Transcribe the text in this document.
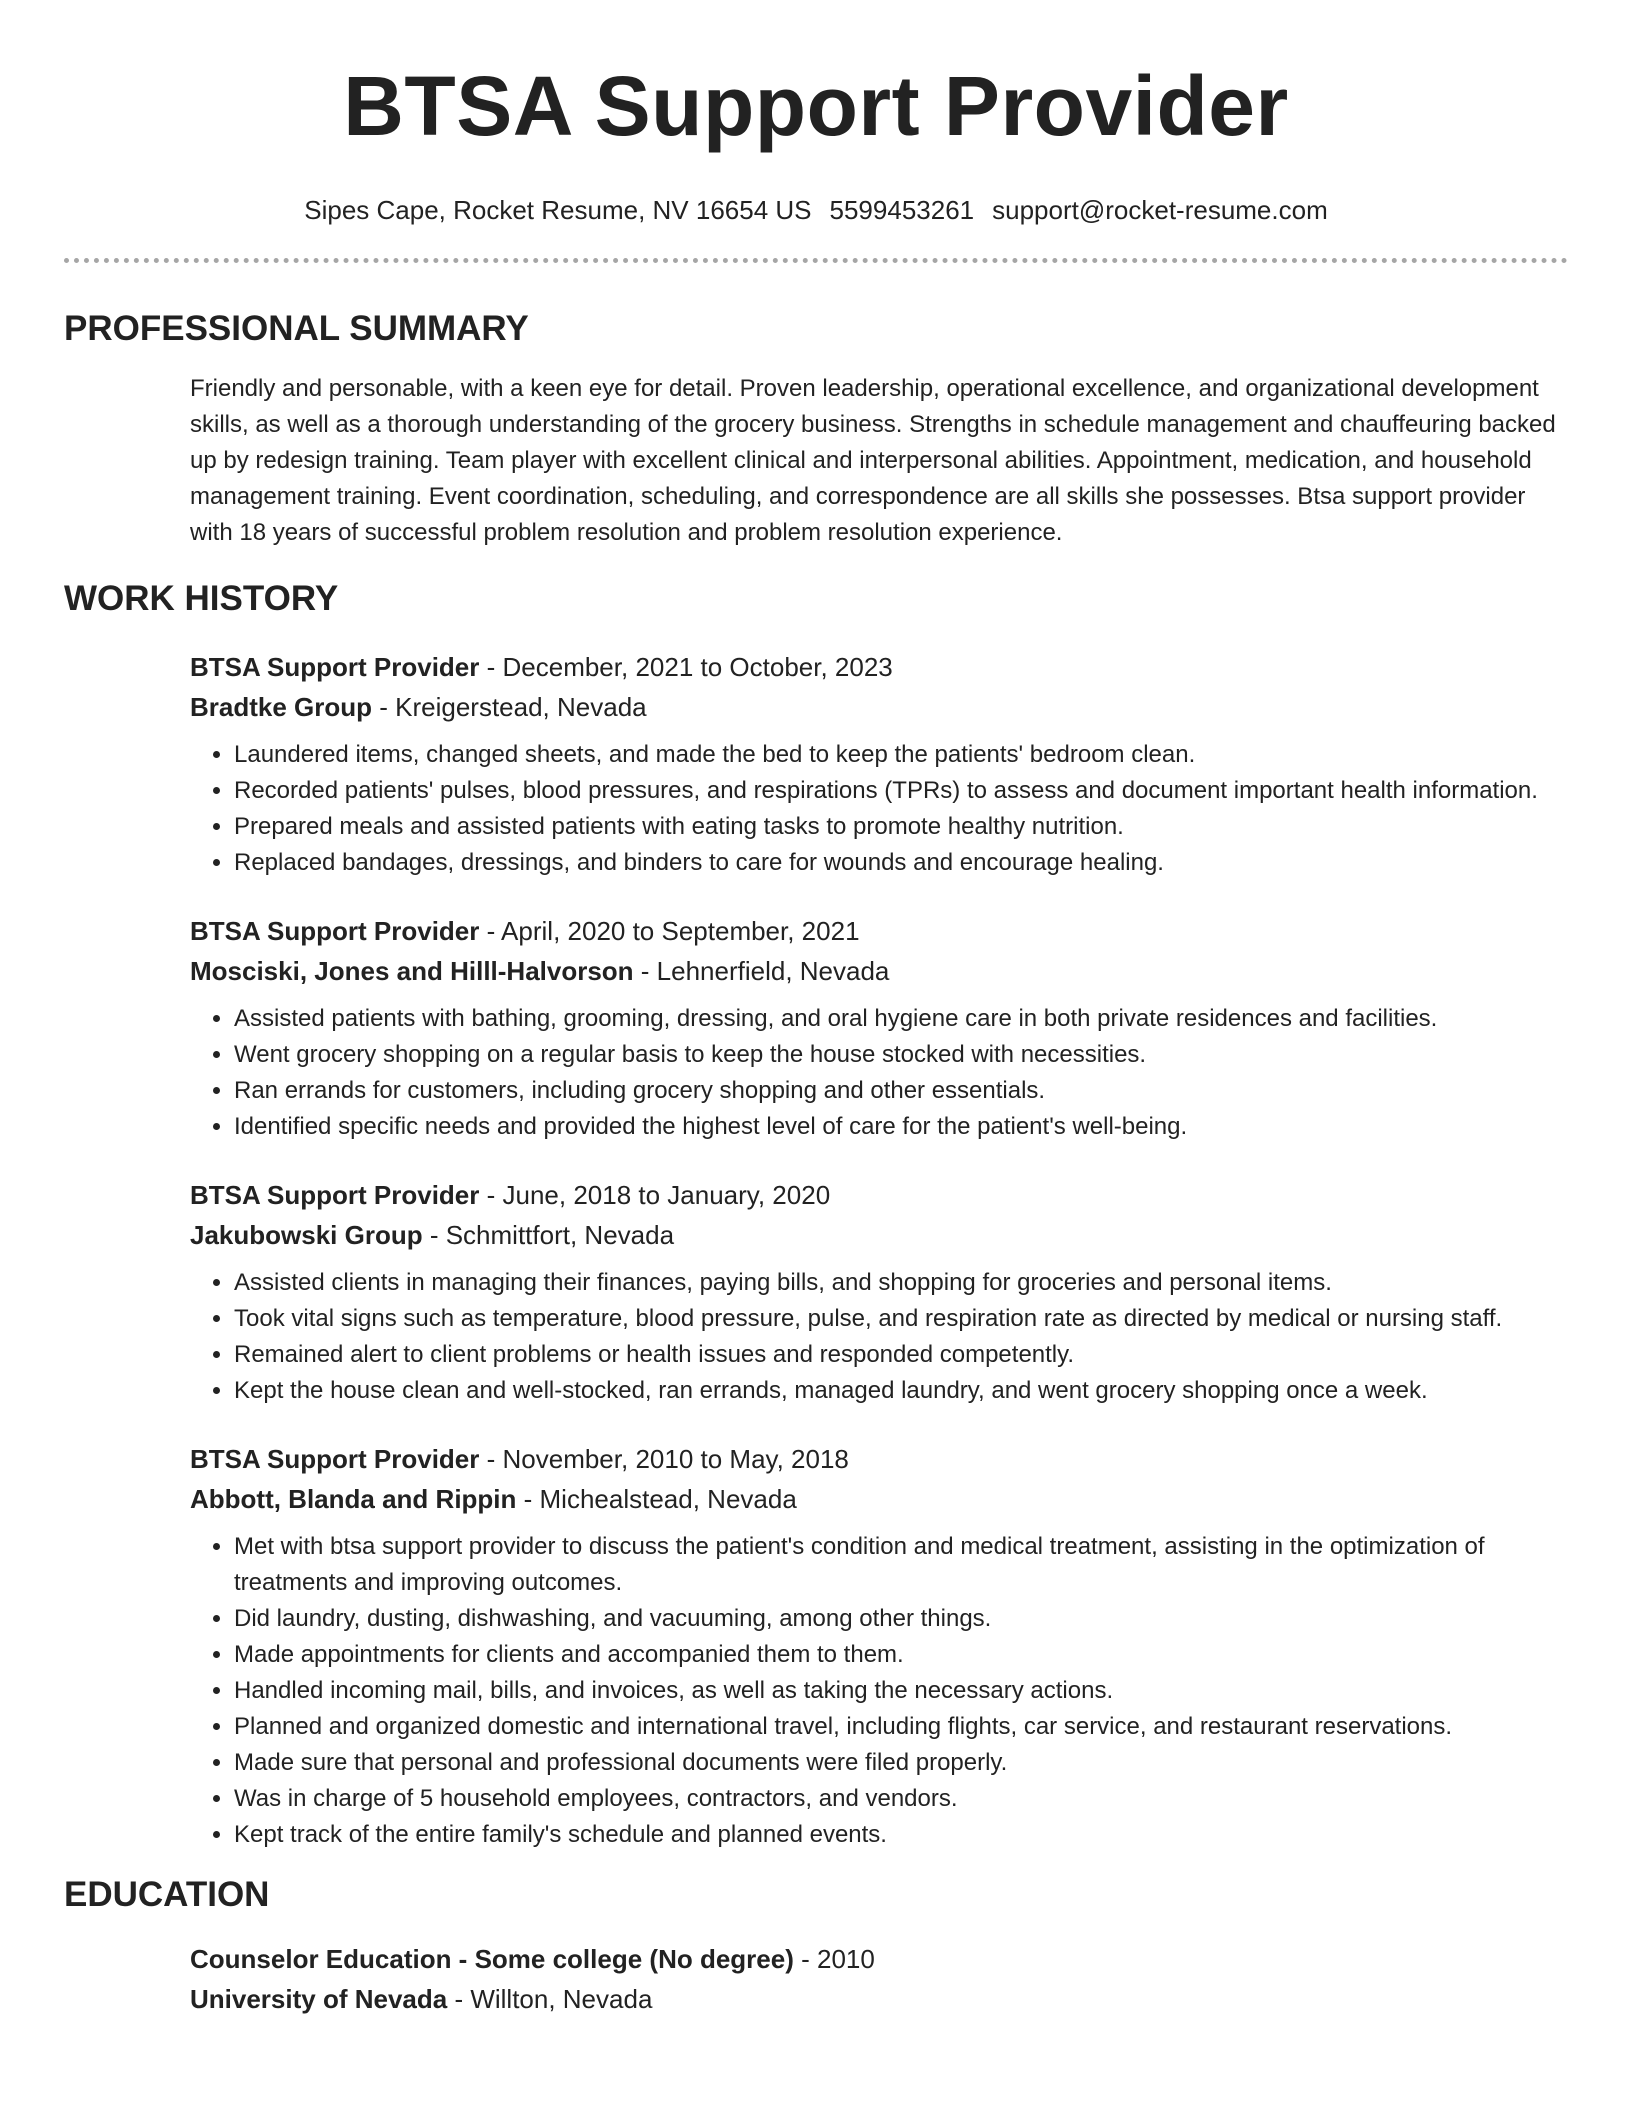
BTSA Support Provider
Sipes Cape, Rocket Resume, NV 16654 US 5599453261 support@rocket-resume.com
PROFESSIONAL SUMMARY
Friendly and personable, with a keen eye for detail. Proven leadership, operational excellence, and organizational development skills, as well as a thorough understanding of the grocery business. Strengths in schedule management and chauffeuring backed up by redesign training. Team player with excellent clinical and interpersonal abilities. Appointment, medication, and household management training. Event coordination, scheduling, and correspondence are all skills she possesses. Btsa support provider with 18 years of successful problem resolution and problem resolution experience.
WORK HISTORY
BTSA Support Provider - December, 2021 to October, 2023
Bradtke Group - Kreigerstead, Nevada
• Laundered items, changed sheets, and made the bed to keep the patients' bedroom clean.
• Recorded patients' pulses, blood pressures, and respirations (TPRs) to assess and document important health information.
• Prepared meals and assisted patients with eating tasks to promote healthy nutrition.
• Replaced bandages, dressings, and binders to care for wounds and encourage healing.
BTSA Support Provider - April, 2020 to September, 2021
Mosciski, Jones and Hilll-Halvorson - Lehnerfield, Nevada
• Assisted patients with bathing, grooming, dressing, and oral hygiene care in both private residences and facilities.
• Went grocery shopping on a regular basis to keep the house stocked with necessities.
• Ran errands for customers, including grocery shopping and other essentials.
• Identified specific needs and provided the highest level of care for the patient's well-being.
BTSA Support Provider - June, 2018 to January, 2020
Jakubowski Group - Schmittfort, Nevada
• Assisted clients in managing their finances, paying bills, and shopping for groceries and personal items.
• Took vital signs such as temperature, blood pressure, pulse, and respiration rate as directed by medical or nursing staff.
• Remained alert to client problems or health issues and responded competently.
• Kept the house clean and well-stocked, ran errands, managed laundry, and went grocery shopping once a week.
BTSA Support Provider - November, 2010 to May, 2018
Abbott, Blanda and Rippin - Michealstead, Nevada
• Met with btsa support provider to discuss the patient's condition and medical treatment, assisting in the optimization of treatments and improving outcomes.
• Did laundry, dusting, dishwashing, and vacuuming, among other things.
• Made appointments for clients and accompanied them to them.
• Handled incoming mail, bills, and invoices, as well as taking the necessary actions.
• Planned and organized domestic and international travel, including flights, car service, and restaurant reservations.
• Made sure that personal and professional documents were filed properly.
• Was in charge of 5 household employees, contractors, and vendors.
• Kept track of the entire family's schedule and planned events.
EDUCATION
Counselor Education - Some college (No degree) - 2010
University of Nevada - Willton, Nevada
